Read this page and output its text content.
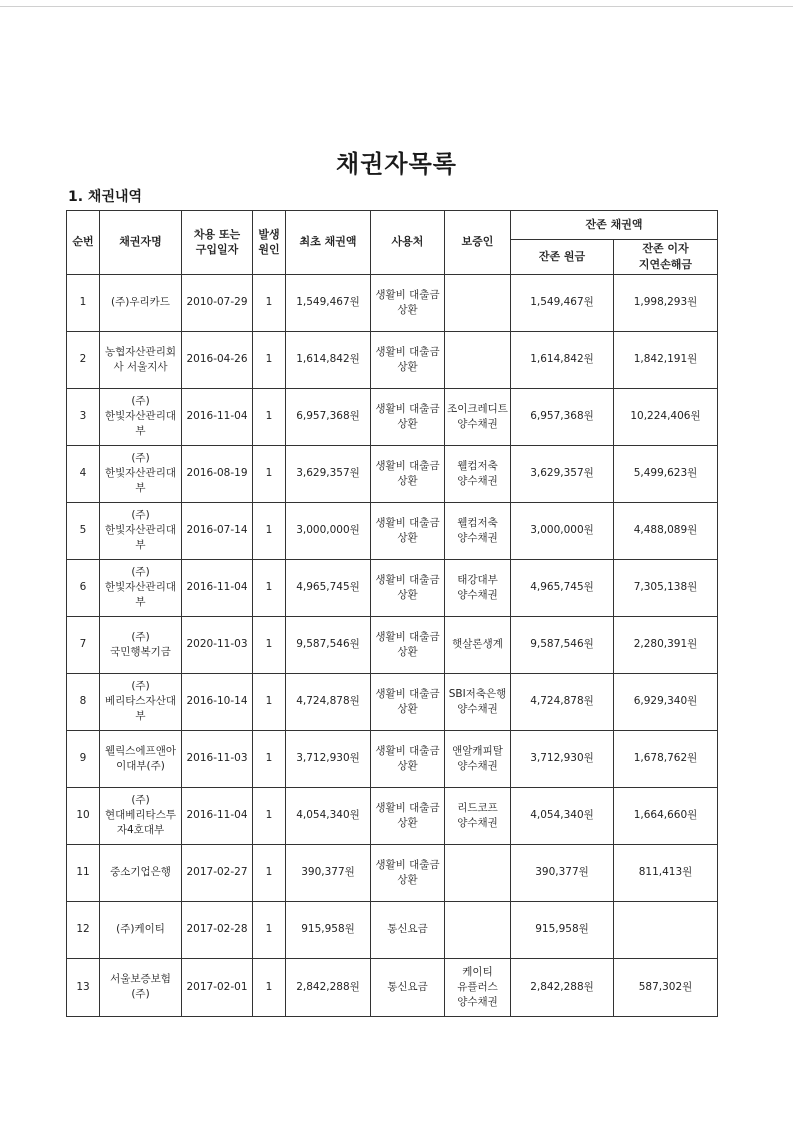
채권자목록
1. 채권내역
순번	채권자명	차용 또는 구입일자	발생 원인	최초 채권액	사용처	보증인	잔존 채권액	
							잔존 원금	잔존 이자 지연손해금
1	(주)우리카드	2010-07-29	1	1,549,467원	생활비 대출금 상환		1,549,467원	1,998,293원
2	농협자산관리회사 서울지사	2016-04-26	1	1,614,842원	생활비 대출금 상환		1,614,842원	1,842,191원
3	(주)한빛자산관리대부	2016-11-04	1	6,957,368원	생활비 대출금 상환	조이크레디트 양수채권	6,957,368원	10,224,406원
4	(주)한빛자산관리대부	2016-08-19	1	3,629,357원	생활비 대출금 상환	웰컴저축 양수채권	3,629,357원	5,499,623원
5	(주)한빛자산관리대부	2016-07-14	1	3,000,000원	생활비 대출금 상환	웰컴저축 양수채권	3,000,000원	4,488,089원
6	(주)한빛자산관리대부	2016-11-04	1	4,965,745원	생활비 대출금 상환	태강대부 양수채권	4,965,745원	7,305,138원
7	(주)국민행복기금	2020-11-03	1	9,587,546원	생활비 대출금 상환	햇살론생계	9,587,546원	2,280,391원
8	(주)베리타스자산대부	2016-10-14	1	4,724,878원	생활비 대출금 상환	SBI저축은행 양수채권	4,724,878원	6,929,340원
9	웰릭스에프앤아이대부(주)	2016-11-03	1	3,712,930원	생활비 대출금 상환	앤알캐피탈 양수채권	3,712,930원	1,678,762원
10	(주)현대베리타스투자4호대부	2016-11-04	1	4,054,340원	생활비 대출금 상환	리드코프 양수채권	4,054,340원	1,664,660원
11	중소기업은행	2017-02-27	1	390,377원	생활비 대출금 상환		390,377원	811,413원
12	(주)케이티	2017-02-28	1	915,958원	통신요금		915,958원	
13	서울보증보험(주)	2017-02-01	1	2,842,288원	통신요금	케이티 유플러스 양수채권	2,842,288원	587,302원
